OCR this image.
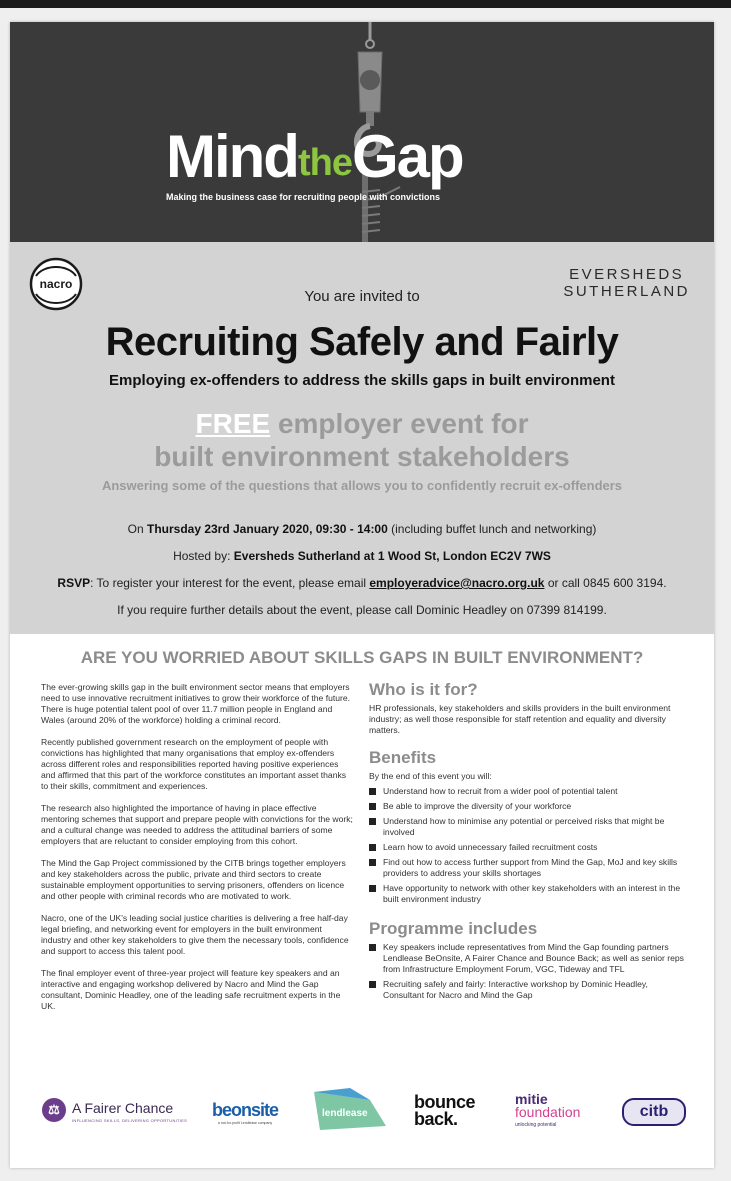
MindtheGap
Making the business case for recruiting people with convictions
nacro
EVERSHEDS
SUTHERLAND
You are invited to
Recruiting Safely and Fairly
Employing ex-offenders to address the skills gaps in built environment
FREE employer event for
built environment stakeholders
Answering some of the questions that allows you to confidently recruit ex-offenders
On Thursday 23rd January 2020, 09:30 - 14:00 (including buffet lunch and networking)
Hosted by: Eversheds Sutherland at 1 Wood St, London EC2V 7WS
RSVP: To register your interest for the event, please email employeradvice@nacro.org.uk or call 0845 600 3194.
If you require further details about the event, please call Dominic Headley on 07399 814199.
ARE YOU WORRIED ABOUT SKILLS GAPS IN BUILT ENVIRONMENT?

The ever-growing skills gap in the built environment sector means that employers need to use innovative recruitment initiatives to grow their workforce of the future. There is huge potential talent pool of over 11.7 million people in England and Wales (around 20% of the workforce) holding a criminal record.

Recently published government research on the employment of people with convictions has highlighted that many organisations that employ ex-offenders across different roles and responsibilities reported having positive experiences and affirmed that this part of the workforce constitutes an important asset thanks to their skills, commitment and experiences.

The research also highlighted the importance of having in place effective mentoring schemes that support and prepare people with convictions for the work; and a cultural change was needed to address the attitudinal barriers of some employers that are reluctant to consider employing from this cohort.

The Mind the Gap Project commissioned by the CITB brings together employers and key stakeholders across the public, private and third sectors to create sustainable employment opportunities to serving prisoners, offenders on licence and other people with criminal records who are motivated to work.

Nacro, one of the UK's leading social justice charities is delivering a free half-day legal briefing, and networking event for employers in the built environment industry and other key stakeholders to give them the necessary tools, confidence and support to access this talent pool.

The final employer event of three-year project will feature key speakers and an interactive and engaging workshop delivered by Nacro and Mind the Gap consultant, Dominic Headley, one of the leading safe recruitment experts in the UK.

Who is it for?

HR professionals, key stakeholders and skills providers in the built environment industry; as well those responsible for staff retention and equality and diversity matters.

Benefits

By the end of this event you will:

Understand how to recruit from a wider pool of potential talent
Be able to improve the diversity of your workforce
Understand how to minimise any potential or perceived risks that might be involved
Learn how to avoid unnecessary failed recruitment costs
Find out how to access further support from Mind the Gap, MoJ and key skills providers to address your skills shortages
Have opportunity to network with other key stakeholders with an interest in the built environment industry
Programme includes
Key speakers include representatives from Mind the Gap founding partners Lendlease BeOnsite, A Fairer Chance and Bounce Back; as well as senior reps from Infrastructure Employment Forum, VGC, Tideway and TFL
Recruiting safely and fairly: Interactive workshop by Dominic Headley, Consultant for Nacro and Mind the Gap
⚖ A Fairer Chance
INFLUENCING SKILLS, DELIVERING OPPORTUNITIES
beonsite
a not-for-profit Lendlease company
lendlease
bounce
back.
mitie
foundation
unlocking potential
citb
